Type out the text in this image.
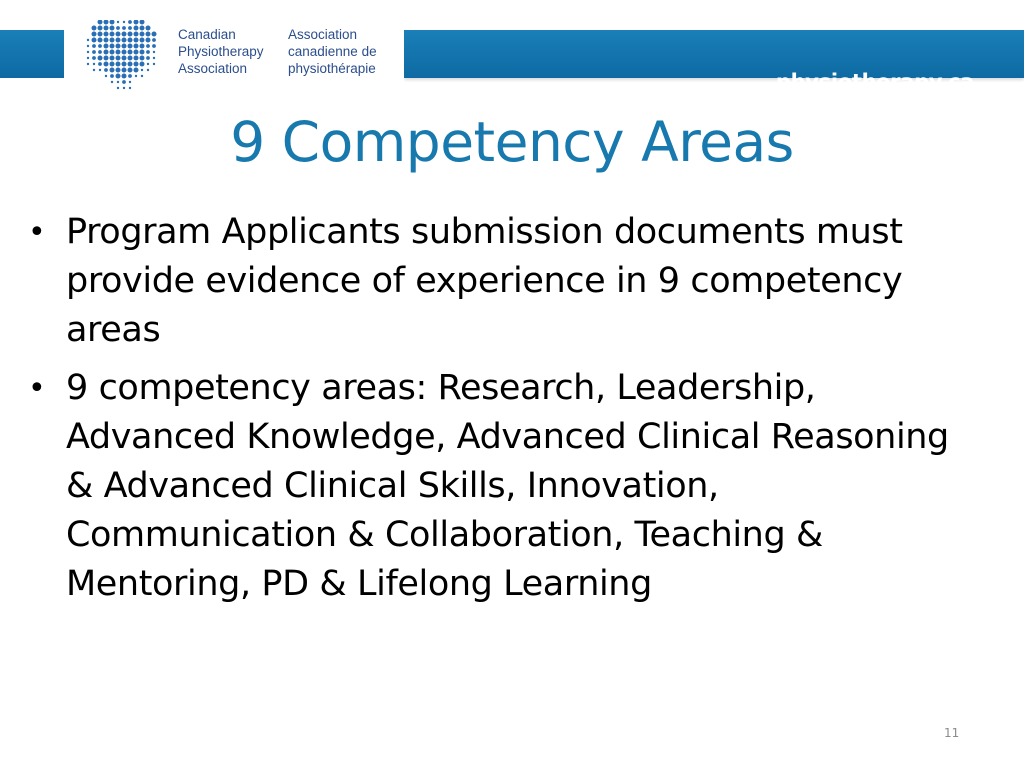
physiotherapy.ca
Canadian
Physiotherapy
Association
Association
canadienne de
physiothérapie
9 Competency Areas
• Program Applicants submission documents must provide evidence of experience in 9 competency areas
• 9 competency areas: Research, Leadership, Advanced Knowledge, Advanced Clinical Reasoning & Advanced Clinical Skills, Innovation, Communication & Collaboration, Teaching & Mentoring, PD & Lifelong Learning
11
